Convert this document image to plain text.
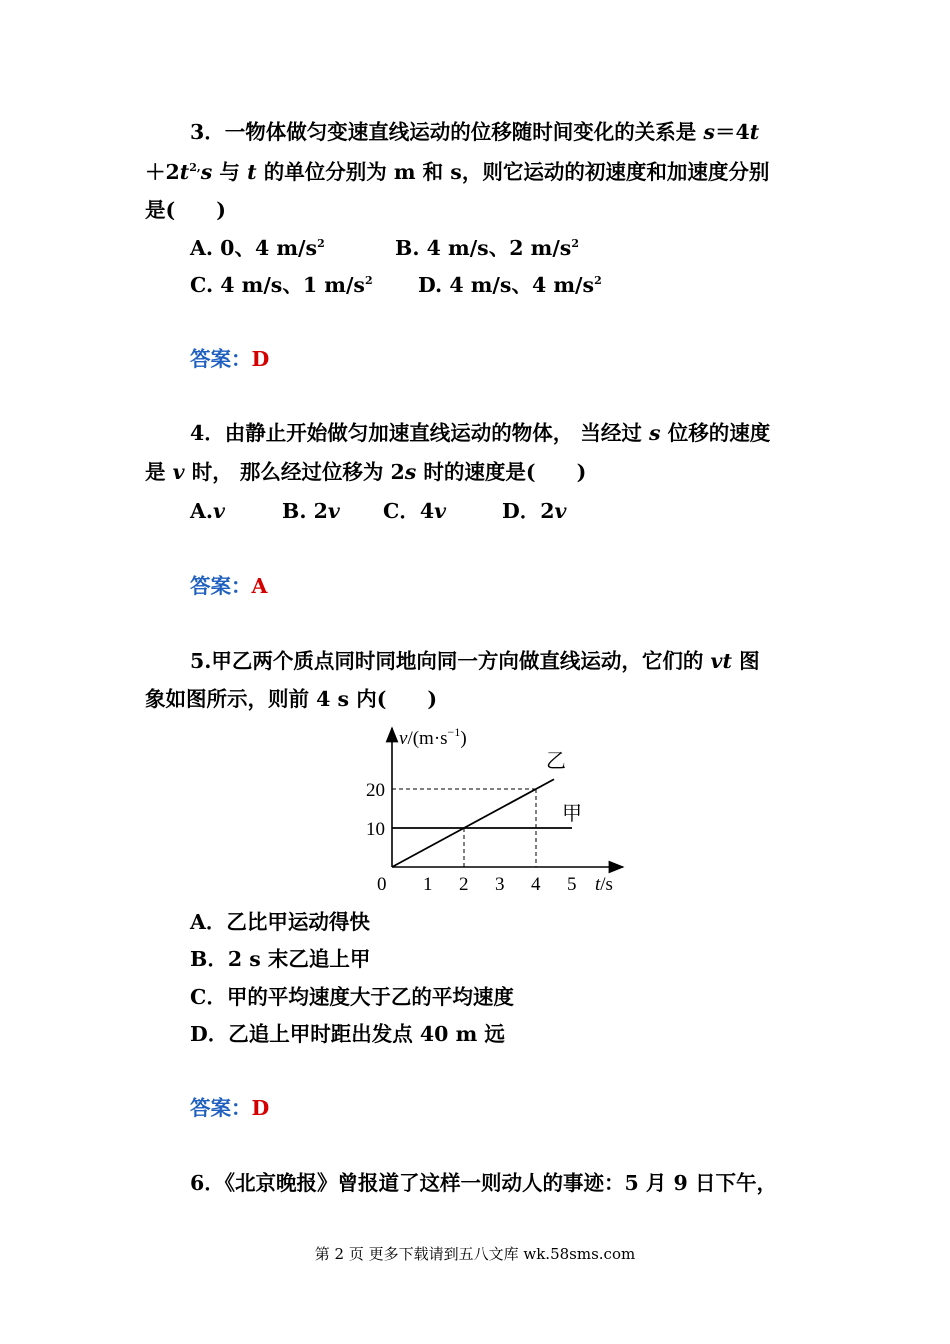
3．一物体做匀变速直线运动的位移随时间变化的关系是 s＝4t
$+2t^{2,}s$ 与 t 的单位分别为 m 和 s，则它运动的初速度和加速度分别
是(　　)
A. 0、4 $m/s^2$	B. 4 m/s、2 $m/s^2$
C. 4 m/s、1 $m/s^2$ D. 4 m/s、4 $m/s^2$
答案：D
4．由静止开始做匀加速直线运动的物体， 当经过 s 位移的速度
是 v 时， 那么经过位移为 2s 时的速度是(　　)
A.v	B. 2v C．4v	D．2v
答案：A
5.甲乙两个质点同时同地向同一方向做直线运动，它们的 vt 图
象如图所示，则前 4 s 内(　　)
甲
乙
1 2 3 4 5
10
20
$v/(m\cdot s^{-1})$
t/s
0
A．乙比甲运动得快
B．2 s 末乙追上甲
C．甲的平均速度大于乙的平均速度
D．乙追上甲时距出发点 40 m 远
答案：D
6．《北京晚报》曾报道了这样一则动人的事迹：5 月 9 日下午，
第 2 页 更多下载请到五八文库 wk.58sms.com
